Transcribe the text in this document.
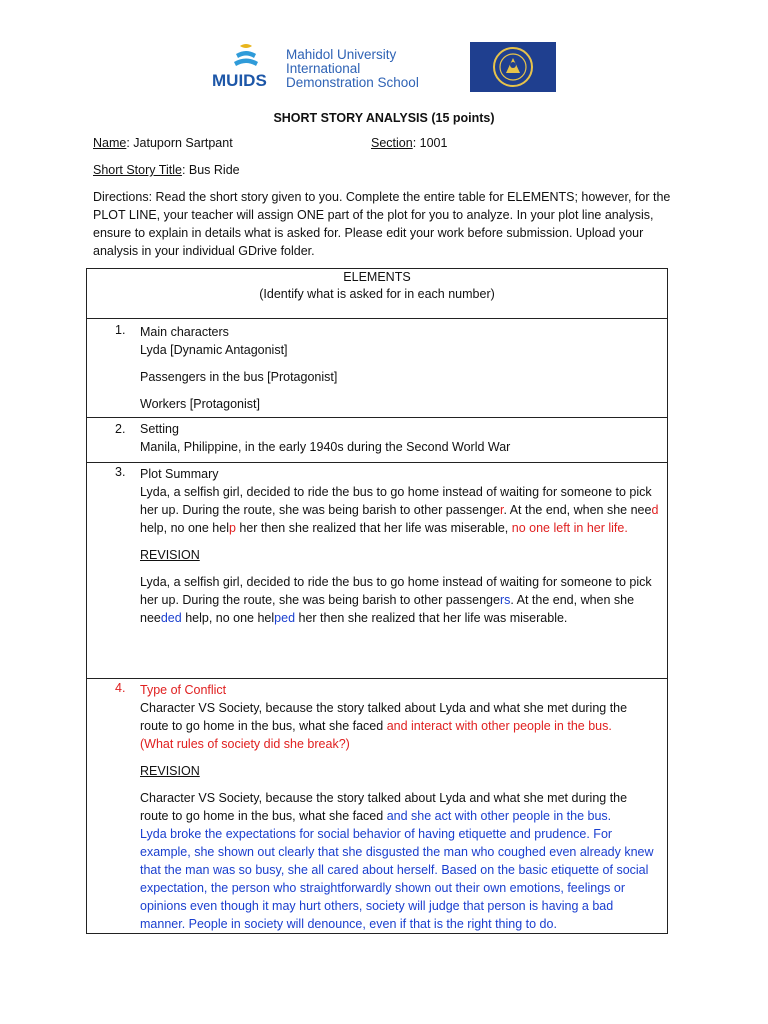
MUIDS
Mahidol University
International
Demonstration School
SHORT STORY ANALYSIS (15 points)
Name: Jatuporn Sartpant	Section: 1001
Short Story Title: Bus Ride
Directions: Read the short story given to you. Complete the entire table for ELEMENTS; however, for the PLOT LINE, your teacher will assign ONE part of the plot for you to analyze. In your plot line analysis, ensure to explain in details what is asked for. Please edit your work before submission. Upload your analysis in your individual GDrive folder.
ELEMENTS
(Identify what is asked for in each number)

1. Main characters

Lyda [Dynamic Antagonist]

Passengers in the bus [Protagonist]

Workers [Protagonist]

2. Setting

Manila, Philippine, in the early 1940s during the Second World War

3. Plot Summary

Lyda, a selfish girl, decided to ride the bus to go home instead of waiting for someone to pick her up. During the route, she was being barish to other passenger. At the end, when she need help, no one help her then she realized that her life was miserable, no one left in her life.

REVISION

Lyda, a selfish girl, decided to ride the bus to go home instead of waiting for someone to pick her up. During the route, she was being barish to other passengers. At the end, when she needed help, no one helped her then she realized that her life was miserable.

4. Type of Conflict

Character VS Society, because the story talked about Lyda and what she met during the route to go home in the bus, what she faced and interact with other people in the bus.

(What rules of society did she break?)

REVISION

Character VS Society, because the story talked about Lyda and what she met during the route to go home in the bus, what she faced and she act with other people in the bus.

Lyda broke the expectations for social behavior of having etiquette and prudence. For example, she shown out clearly that she disgusted the man who coughed even already knew that the man was so busy, she all cared about herself. Based on the basic etiquette of social expectation, the person who straightforwardly shown out their own emotions, feelings or opinions even though it may hurt others, society will judge that person is having a bad manner. People in society will denounce, even if that is the right thing to do.
